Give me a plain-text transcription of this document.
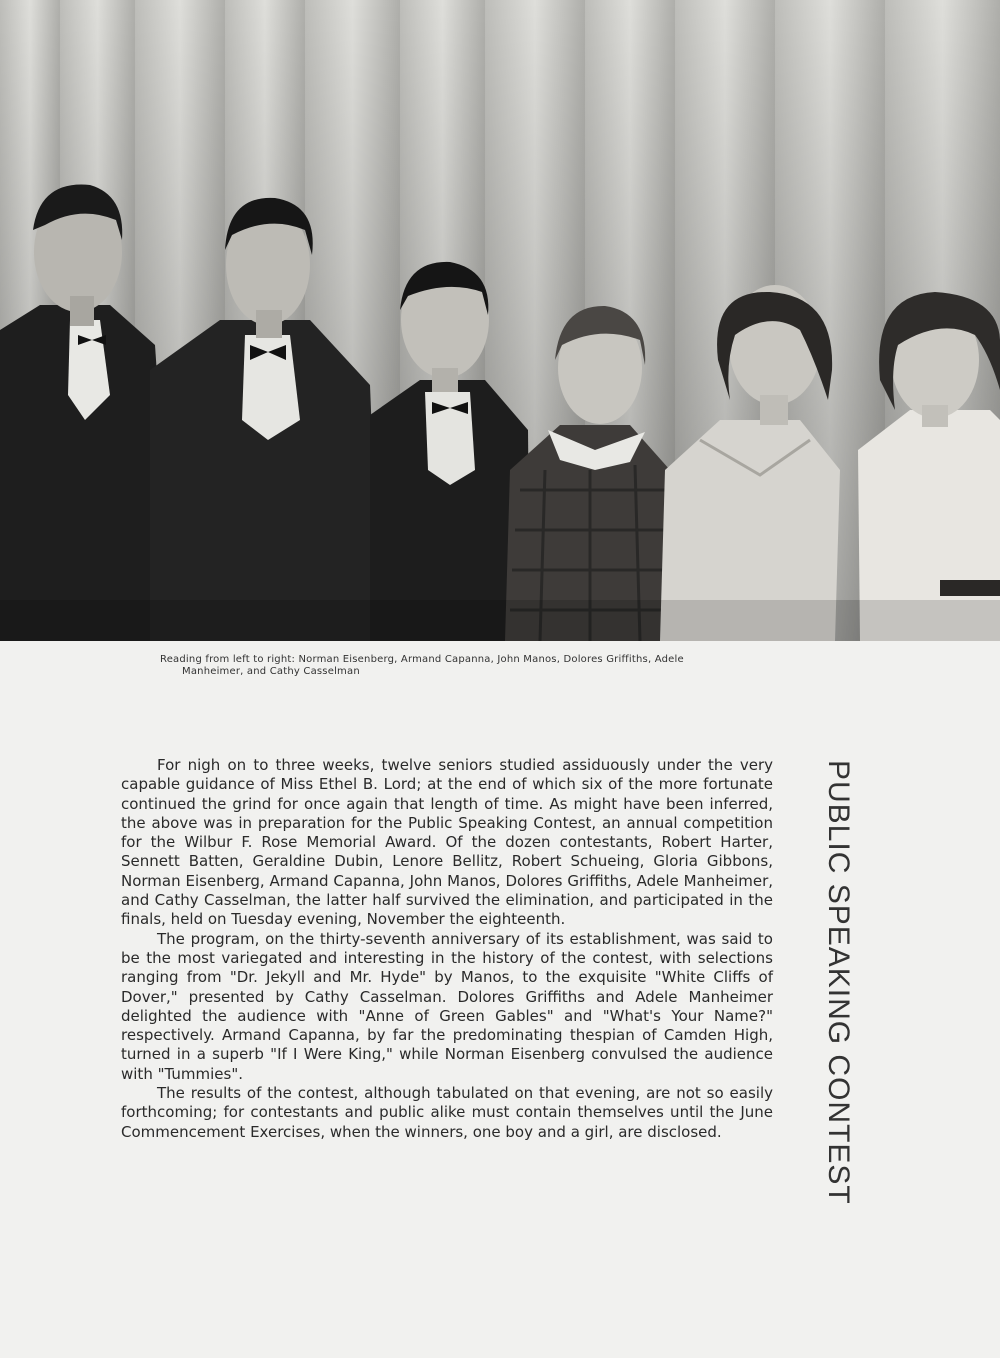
Reading from left to right: Norman Eisenberg, Armand Capanna, John Manos, Dolores Griffiths, Adele
Manheimer, and Cathy Casselman

For nigh on to three weeks, twelve seniors studied assiduously under the very capable guidance of Miss Ethel B. Lord; at the end of which six of the more fortunate continued the grind for once again that length of time. As might have been inferred, the above was in preparation for the Public Speaking Contest, an annual competition for the Wilbur F. Rose Memorial Award. Of the dozen contestants, Robert Harter, Sennett Batten, Geraldine Dubin, Lenore Bellitz, Robert Schueing, Gloria Gibbons, Norman Eisenberg, Armand Capanna, John Manos, Dolores Griffiths, Adele Manheimer, and Cathy Casselman, the latter half survived the elimination, and participated in the finals, held on Tuesday evening, November the eighteenth.

The program, on the thirty-seventh anniversary of its establishment, was said to be the most variegated and interesting in the history of the contest, with selections ranging from "Dr. Jekyll and Mr. Hyde" by Manos, to the exquisite "White Cliffs of Dover," presented by Cathy Casselman. Dolores Griffiths and Adele Manheimer delighted the audience with "Anne of Green Gables" and "What's Your Name?" respectively. Armand Capanna, by far the predominating thespian of Camden High, turned in a superb "If I Were King," while Norman Eisenberg convulsed the audience with "Tummies".

The results of the contest, although tabulated on that evening, are not so easily forthcoming; for contestants and public alike must contain themselves until the June Commencement Exercises, when the winners, one boy and a girl, are disclosed.	PUBLIC SPEAKING CONTEST
